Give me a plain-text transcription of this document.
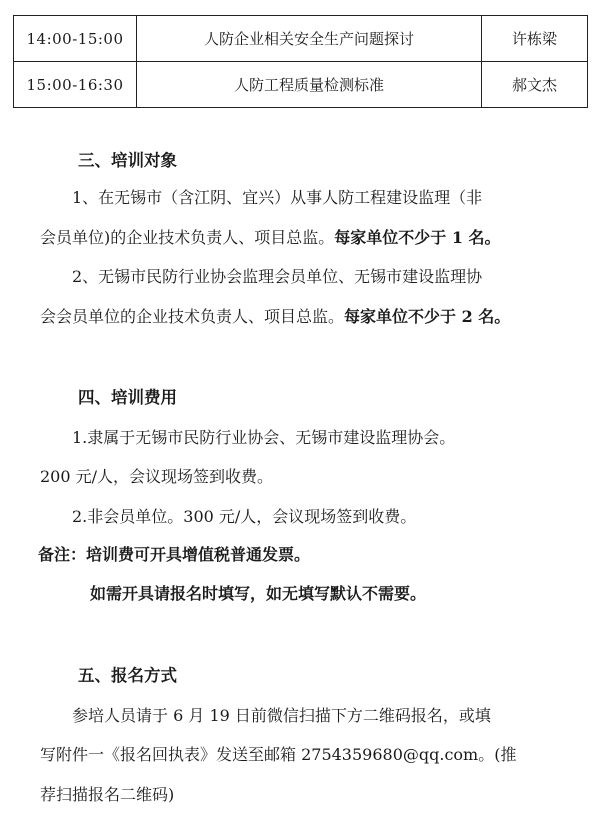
14:00-15:00	人防企业相关安全生产问题探讨	许栋梁
15:00-16:30	人防工程质量检测标准	郝文杰
三、培训对象
1、在无锡市（含江阴、宜兴）从事人防工程建设监理（非
会员单位)的企业技术负责人、项目总监。每家单位不少于 1 名。
2、无锡市民防行业协会监理会员单位、无锡市建设监理协
会会员单位的企业技术负责人、项目总监。每家单位不少于 2 名。
四、培训费用
1.隶属于无锡市民防行业协会、无锡市建设监理协会。
200 元/人，会议现场签到收费。
2.非会员单位。300 元/人，会议现场签到收费。
备注：培训费可开具增值税普通发票。
如需开具请报名时填写，如无填写默认不需要。
五、报名方式
参培人员请于 6 月 19 日前微信扫描下方二维码报名，或填
写附件一《报名回执表》发送至邮箱 2754359680@qq.com。(推
荐扫描报名二维码)
